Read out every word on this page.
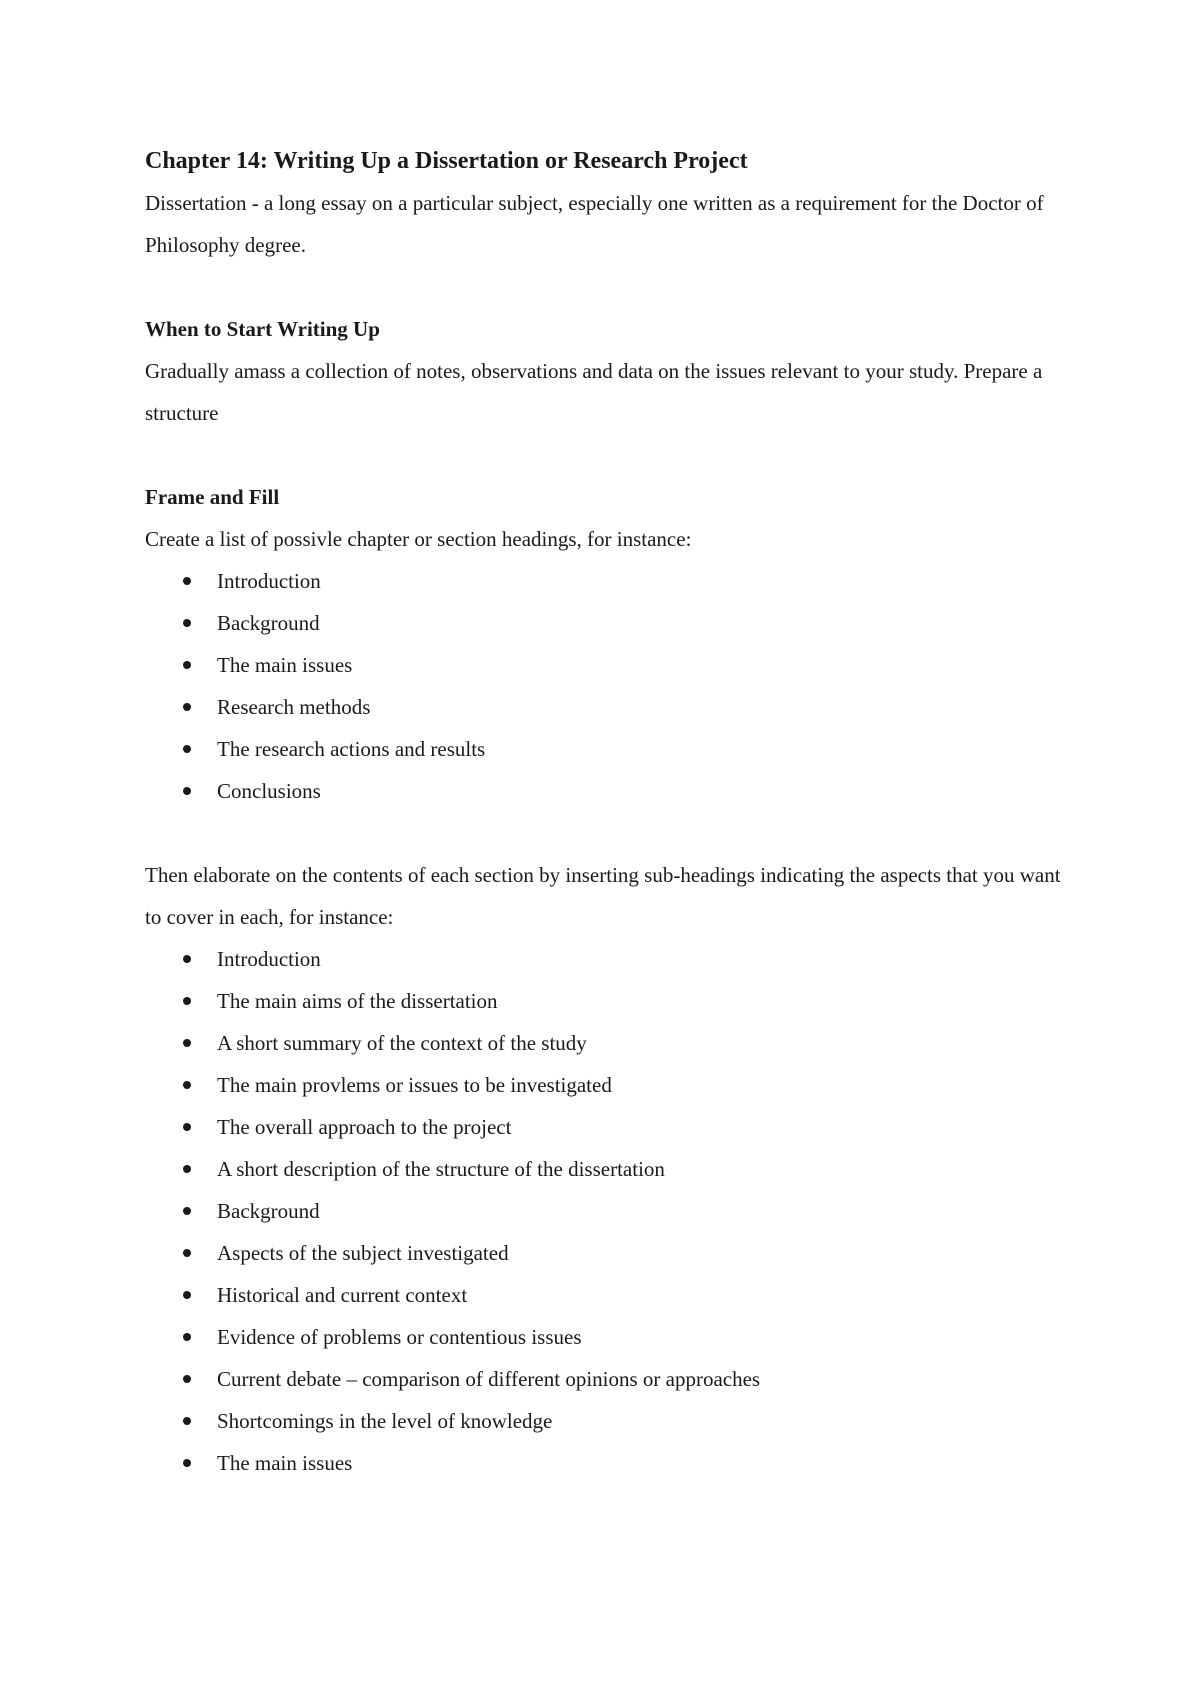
Chapter 14: Writing Up a Dissertation or Research Project

Dissertation - a long essay on a particular subject, especially one written as a requirement for the Doctor of Philosophy degree.

When to Start Writing Up

Gradually amass a collection of notes, observations and data on the issues relevant to your study. Prepare a structure

Frame and Fill

Create a list of possivle chapter or section headings, for instance:

Introduction
Background
The main issues
Research methods
The research actions and results
Conclusions

Then elaborate on the contents of each section by inserting sub-headings indicating the aspects that you want to cover in each, for instance:

Introduction
The main aims of the dissertation
A short summary of the context of the study
The main provlems or issues to be investigated
The overall approach to the project
A short description of the structure of the dissertation
Background
Aspects of the subject investigated
Historical and current context
Evidence of problems or contentious issues
Current debate – comparison of different opinions or approaches
Shortcomings in the level of knowledge
The main issues
